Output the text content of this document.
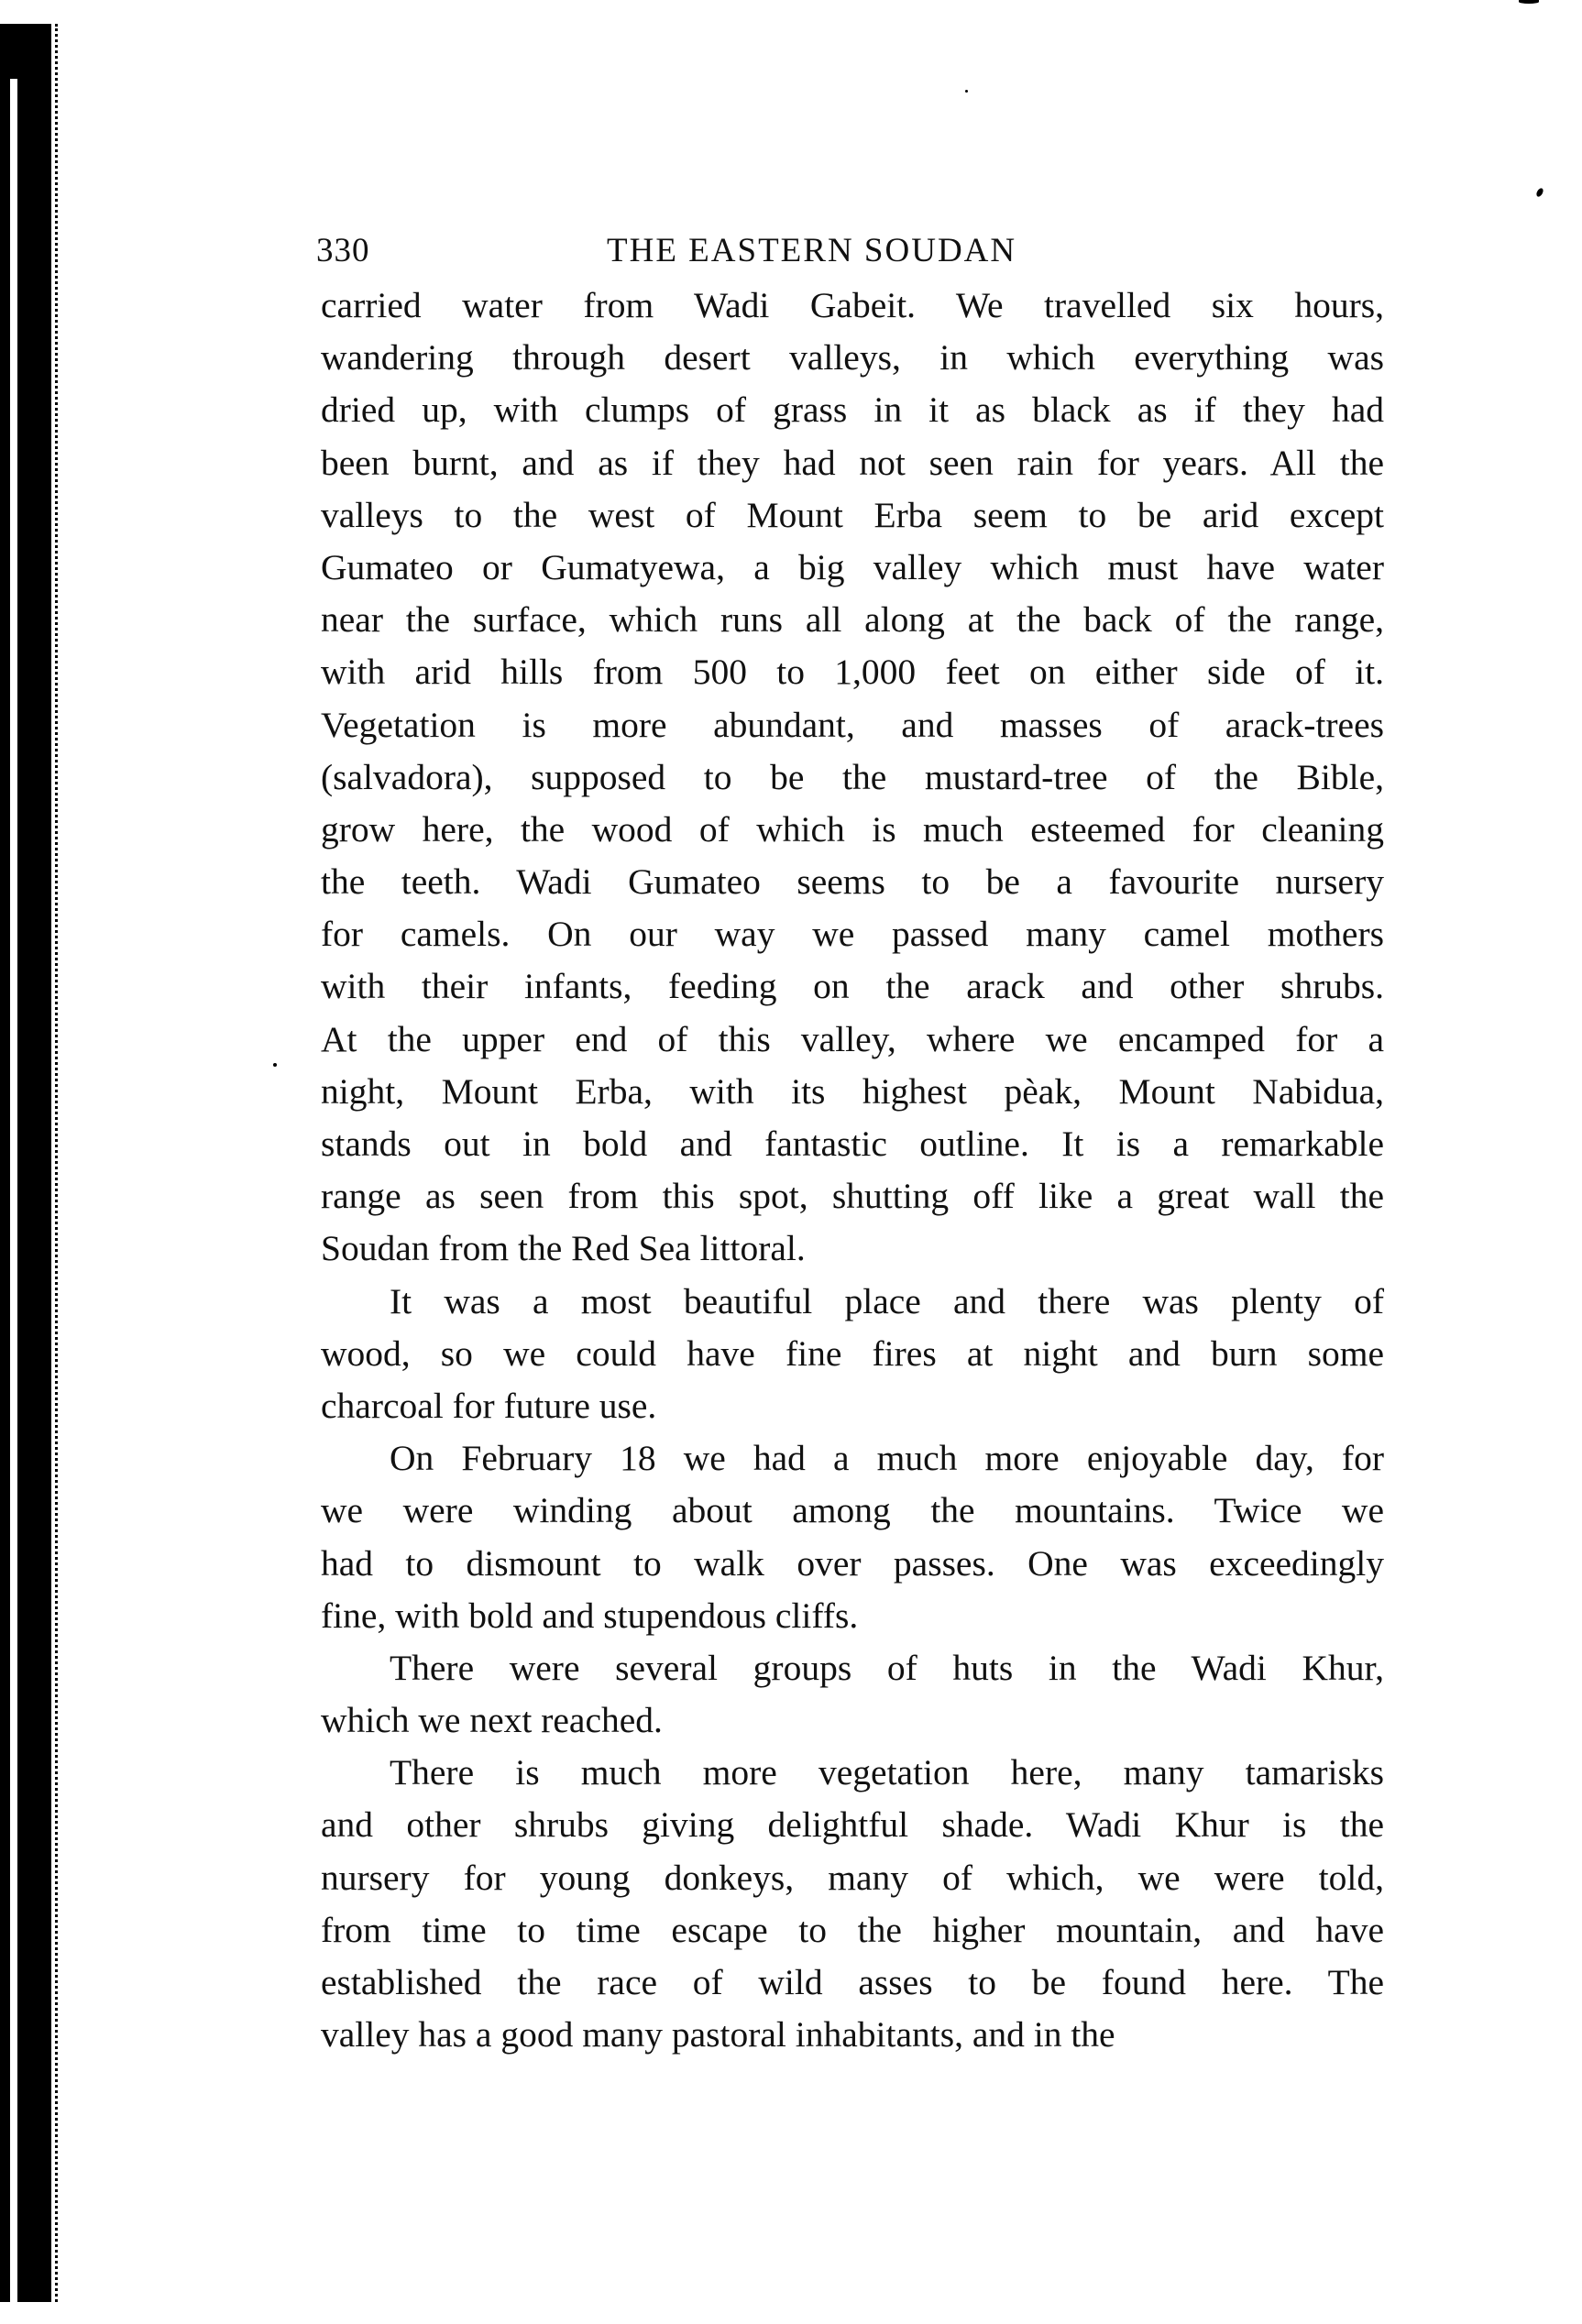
330	THE EASTERN SOUDAN
carried water from Wadi Gabeit. We travelled six hours,
wandering through desert valleys, in which everything was
dried up, with clumps of grass in it as black as if they had
been burnt, and as if they had not seen rain for years. All the
valleys to the west of Mount Erba seem to be arid except
Gumateo or Gumatyewa, a big valley which must have water
near the surface, which runs all along at the back of the range,
with arid hills from 500 to 1,000 feet on either side of it.
Vegetation is more abundant, and masses of arack-trees
(salvadora), supposed to be the mustard-tree of the Bible,
grow here, the wood of which is much esteemed for cleaning
the teeth. Wadi Gumateo seems to be a favourite nursery
for camels. On our way we passed many camel mothers
with their infants, feeding on the arack and other shrubs.
At the upper end of this valley, where we encamped for a
night, Mount Erba, with its highest pèak, Mount Nabidua,
stands out in bold and fantastic outline. It is a remarkable
range as seen from this spot, shutting off like a great wall the
Soudan from the Red Sea littoral.
It was a most beautiful place and there was plenty of
wood, so we could have fine fires at night and burn some
charcoal for future use.
On February 18 we had a much more enjoyable day, for
we were winding about among the mountains. Twice we
had to dismount to walk over passes. One was exceedingly
fine, with bold and stupendous cliffs.
There were several groups of huts in the Wadi Khur,
which we next reached.
There is much more vegetation here, many tamarisks
and other shrubs giving delightful shade. Wadi Khur is the
nursery for young donkeys, many of which, we were told,
from time to time escape to the higher mountain, and have
established the race of wild asses to be found here. The
valley has a good many pastoral inhabitants, and in the
